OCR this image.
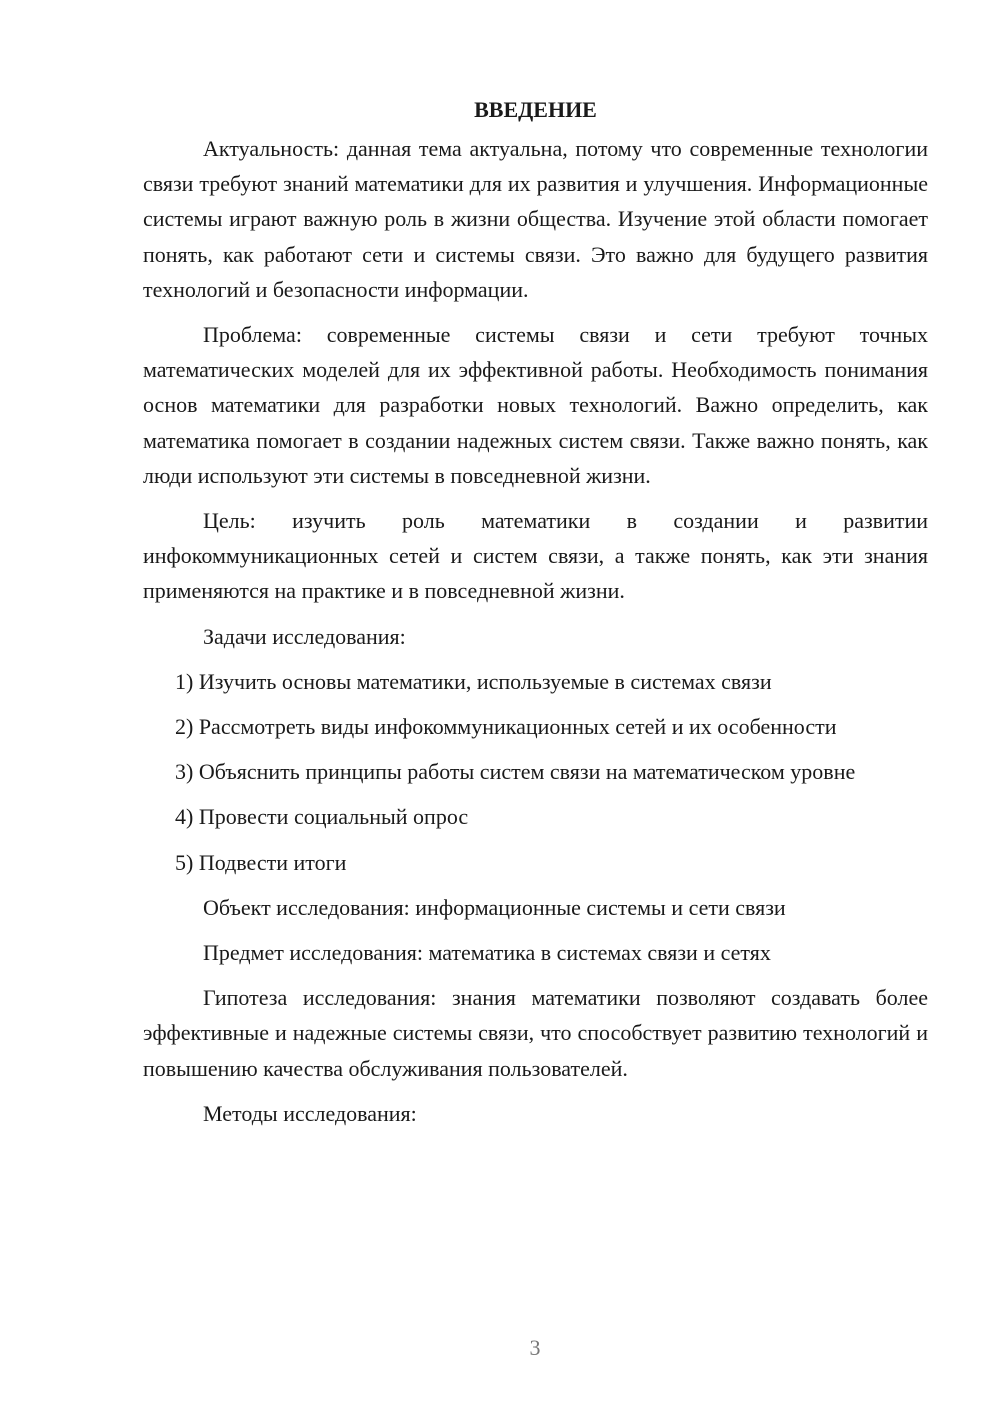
ВВЕДЕНИЕ
Актуальность: данная тема актуальна, потому что современные технологии связи требуют знаний математики для их развития и улучшения. Информационные системы играют важную роль в жизни общества. Изучение этой области помогает понять, как работают сети и системы связи. Это важно для будущего развития технологий и безопасности информации.
Проблема: современные системы связи и сети требуют точных математических моделей для их эффективной работы. Необходимость понимания основ математики для разработки новых технологий. Важно определить, как математика помогает в создании надежных систем связи. Также важно понять, как люди используют эти системы в повседневной жизни.
Цель: изучить роль математики в создании и развитии инфокоммуникационных сетей и систем связи, а также понять, как эти знания применяются на практике и в повседневной жизни.
Задачи исследования:
1) Изучить основы математики, используемые в системах связи
2) Рассмотреть виды инфокоммуникационных сетей и их особенности
3) Объяснить принципы работы систем связи на математическом уровне
4) Провести социальный опрос
5) Подвести итоги
Объект исследования: информационные системы и сети связи
Предмет исследования: математика в системах связи и сетях
Гипотеза исследования: знания математики позволяют создавать более эффективные и надежные системы связи, что способствует развитию технологий и повышению качества обслуживания пользователей.
Методы исследования:
3
